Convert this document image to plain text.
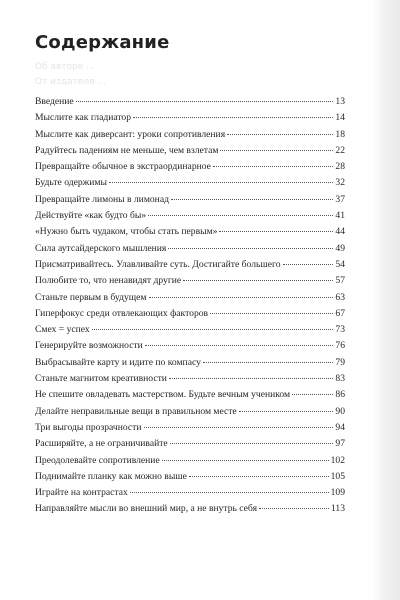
Содержание
Об авторе ...
От издателя ...
Введение	13
Мыслите как гладиатор	14
Мыслите как диверсант: уроки сопротивления	18
Радуйтесь падениям не меньше, чем взлетам	22
Превращайте обычное в экстраординарное	28
Будьте одержимы	32
Превращайте лимоны в лимонад	37
Действуйте «как будто бы»	41
«Нужно быть чудаком, чтобы стать первым»	44
Сила аутсайдерского мышления	49
Присматривайтесь. Улавливайте суть. Достигайте большего	54
Полюбите то, что ненавидят другие	57
Станьте первым в будущем	63
Гиперфокус среди отвлекающих факторов	67
Смех = успех	73
Генерируйте возможности	76
Выбрасывайте карту и идите по компасу	79
Станьте магнитом креативности	83
Не спешите овладевать мастерством. Будьте вечным учеником	86
Делайте неправильные вещи в правильном месте	90
Три выгоды прозрачности	94
Расширяйте, а не ограничивайте	97
Преодолевайте сопротивление	102
Поднимайте планку как можно выше	105
Играйте на контрастах	109
Направляйте мысли во внешний мир, а не внутрь себя	113
